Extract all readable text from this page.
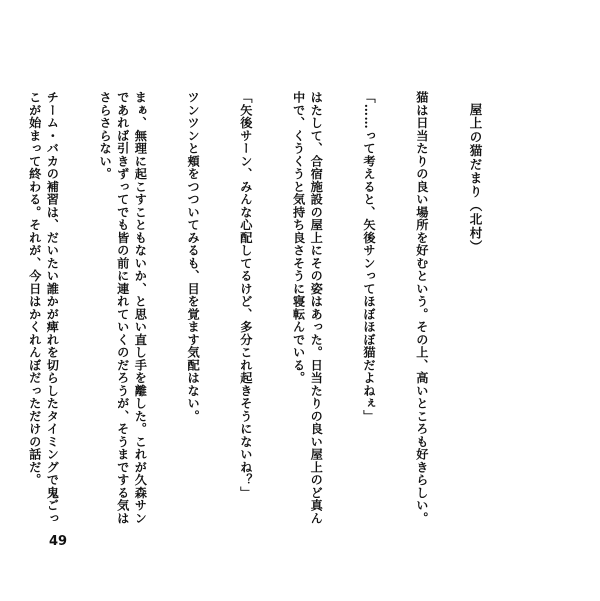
屋上の猫だまり（北村）

猫は日当たりの良い場所を好むという。その上、高いところも好きらしい。

「……って考えると、矢後サンってほぼほぼ猫だよねぇ」

はたして、合宿施設の屋上にその姿はあった。日当たりの良い屋上のど真ん中で、くうくうと気持ち良さそうに寝転んでいる。

「矢後サーン、みんな心配してるけど、多分これ起きそうにないね？」

ツンツンと頬をつついてみるも、目を覚ます気配はない。

まぁ、無理に起こすこともないか、と思い直し手を離した。これが久森サンであれば引きずってでも皆の前に連れていくのだろうが、そうまでする気はさらさらない。

チーム・バカの補習は、だいたい誰かが痺れを切らしたタイミングで鬼ごっこが始まって終わる。それが、今日はかくれんぼだっただけの話だ。

49
